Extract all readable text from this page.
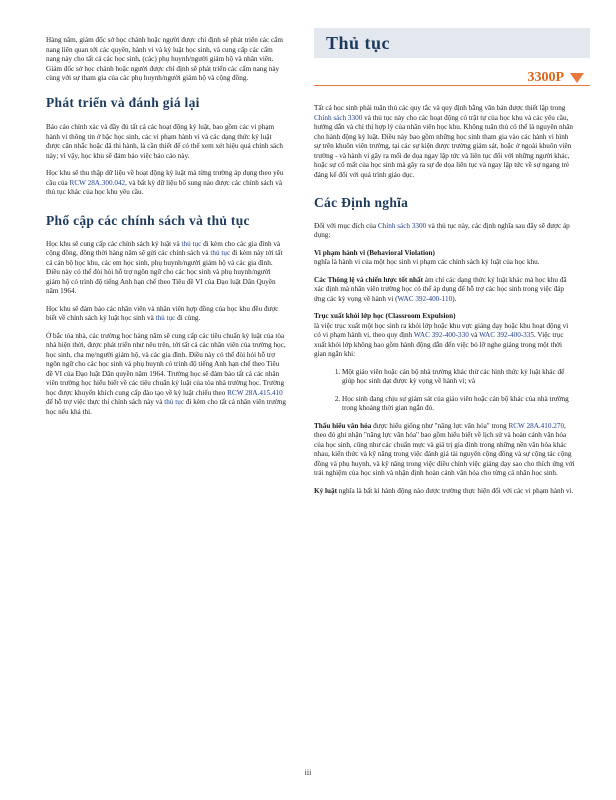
Hàng năm, giám đốc sở học chánh hoặc người được chỉ định sẽ phát triển các cẩm nang liên quan tới các quyền, hành vi và kỷ luật học sinh, và cung cấp các cẩm nang này cho tất cả các học sinh, (các) phụ huynh/người giám hộ và nhân viên. Giám đốc sở học chánh hoặc người được chỉ định sẽ phát triển các cẩm nang này cùng với sự tham gia của các phụ huynh/người giám hộ và cộng đồng.

Phát triển và đánh giá lại

Báo cáo chính xác và đầy đủ tất cả các hoạt động kỷ luật, bao gồm các vi phạm hành vi thông tin ở bậc học sinh, các vi phạm hành vi và các dạng thức kỷ luật được cân nhắc hoặc đã thi hành, là cần thiết để có thể xem xét hiệu quả chính sách này; vì vậy, học khu sẽ đảm bảo việc báo cáo này.

Học khu sẽ thu thập dữ liệu về hoạt động kỷ luật mà từng trường áp dụng theo yêu cầu của RCW 28A.300.042, và bất kỳ dữ liệu bổ sung nào được các chính sách và thủ tục khác của học khu yêu cầu.

Phổ cập các chính sách và thủ tục

Học khu sẽ cung cấp các chính sách kỷ luật và thủ tục đi kèm cho các gia đình và cộng đồng, đồng thời hàng năm sẽ gửi các chính sách và thủ tục đi kèm này tới tất cả cán bộ học khu, các em học sinh, phụ huynh/người giám hộ và các gia đình. Điều này có thể đòi hỏi hỗ trợ ngôn ngữ cho các học sinh và phụ huynh/người giám hộ có trình độ tiếng Anh hạn chế theo Tiêu đề VI của Đạo luật Dân Quyền năm 1964.

Học khu sẽ đảm bảo các nhân viên và nhân viên hợp đồng của học khu đều được biết về chính sách kỷ luật học sinh và thủ tục đi cùng.

Ở bắc tòa nhà, các trường học hàng năm sẽ cung cấp các tiêu chuẩn kỷ luật của tòa nhà hiện thời, được phát triển như nêu trên, tới tất cả các nhân viên của trường học, học sinh, cha mẹ/người giám hộ, và các gia đình. Điều này có thể đòi hỏi hỗ trợ ngôn ngữ cho các học sinh và phụ huynh có trình độ tiếng Anh hạn chế theo Tiêu đề VI của Đạo luật Dân quyền năm 1964. Trường học sẽ đảm bảo tất cả các nhân viên trường học hiểu biết về các tiêu chuẩn kỷ luật của tòa nhà trường học. Trường học được khuyến khích cung cấp đào tạo về kỷ luật chiếu theo RCW 28A.415.410 để hỗ trợ việc thực thi chính sách này và thủ tục đi kèm cho tất cả nhân viên trường học nếu khả thi.

Thủ tục
3300P

Tất cả học sinh phải tuân thủ các quy tắc và quy định bằng văn bản được thiết lập trong Chính sách 3300 và thủ tục này cho các hoạt động có trật tự của học khu và các yêu cầu, hướng dẫn và chỉ thị hợp lý của nhân viên học khu. Không tuân thủ có thể là nguyên nhân cho hành động kỷ luật. Điều này bao gồm những học sinh tham gia vào các hành vi hình sự trên khuôn viên trường, tại các sự kiện được trường giám sát, hoặc ở ngoài khuôn viên trường - và hành vi gây ra mối đe dọa ngay lập tức và liên tục đối với những người khác, hoặc sự cố mất của học sinh mà gây ra sự đe dọa liên tục và ngay lập tức về sự ngang trẻ đáng kể đối với quá trình giáo dục.

Các Định nghĩa

Đối với mục đích của Chính sách 3300 và thủ tục này, các định nghĩa sau đây sẽ được áp dụng:

Vi phạm hành vi (Behavioral Violation)
nghĩa là hành vi của một học sinh vi phạm các chính sách kỷ luật của học khu.

Các Thông lệ và chiến lược tốt nhất ám chỉ các dạng thức kỷ luật khác mà học khu đã xác định mà nhân viên trường học có thể áp dụng để hỗ trợ các học sinh trong việc đáp ứng các kỳ vọng về hành vi (WAC 392-400-110).

Trục xuất khỏi lớp học (Classroom Expulsion)
là việc trục xuất một học sinh ra khỏi lớp hoặc khu vực giảng dạy hoặc khu hoạt động vì có vi phạm hành vi, theo quy định WAC 392-400-330 và WAC 392-400-335. Việc trục xuất khỏi lớp không bao gồm hành động dẫn đến việc bỏ lỡ nghe giảng trong một thời gian ngắn khi:

1. Một giáo viên hoặc cán bộ nhà trường khác thừ các hình thức kỷ luật khác để giúp học sinh đạt được kỳ vọng về hành vi; và
2. Học sinh đang chịu sự giám sát của giáo viên hoặc cán bộ khác của nhà trường trong khoảng thời gian ngắn đó.

Thấu hiểu văn hóa được hiểu giống như "năng lực văn hóa" trong RCW 28A.410.270, theo đó ghi nhận "năng lực văn hóa" bao gồm hiểu biết về lịch sử và hoàn cảnh văn hóa của học sinh, cũng như các chuẩn mực và giá trị gia đình trong những nền văn hóa khác nhau, kiến thức và kỹ năng trong việc đánh giá tài nguyên cộng đồng và sự cộng tác cộng đồng và phụ huynh, và kỹ năng trong việc điều chỉnh việc giảng dạy sao cho thích ứng với trải nghiệm của học sinh và nhận định hoàn cảnh văn hóa cho từng cá nhân học sinh.

Kỷ luật nghĩa là bất kì hành động nào được trường thực hiện đối với các vi phạm hành vi.

iii
